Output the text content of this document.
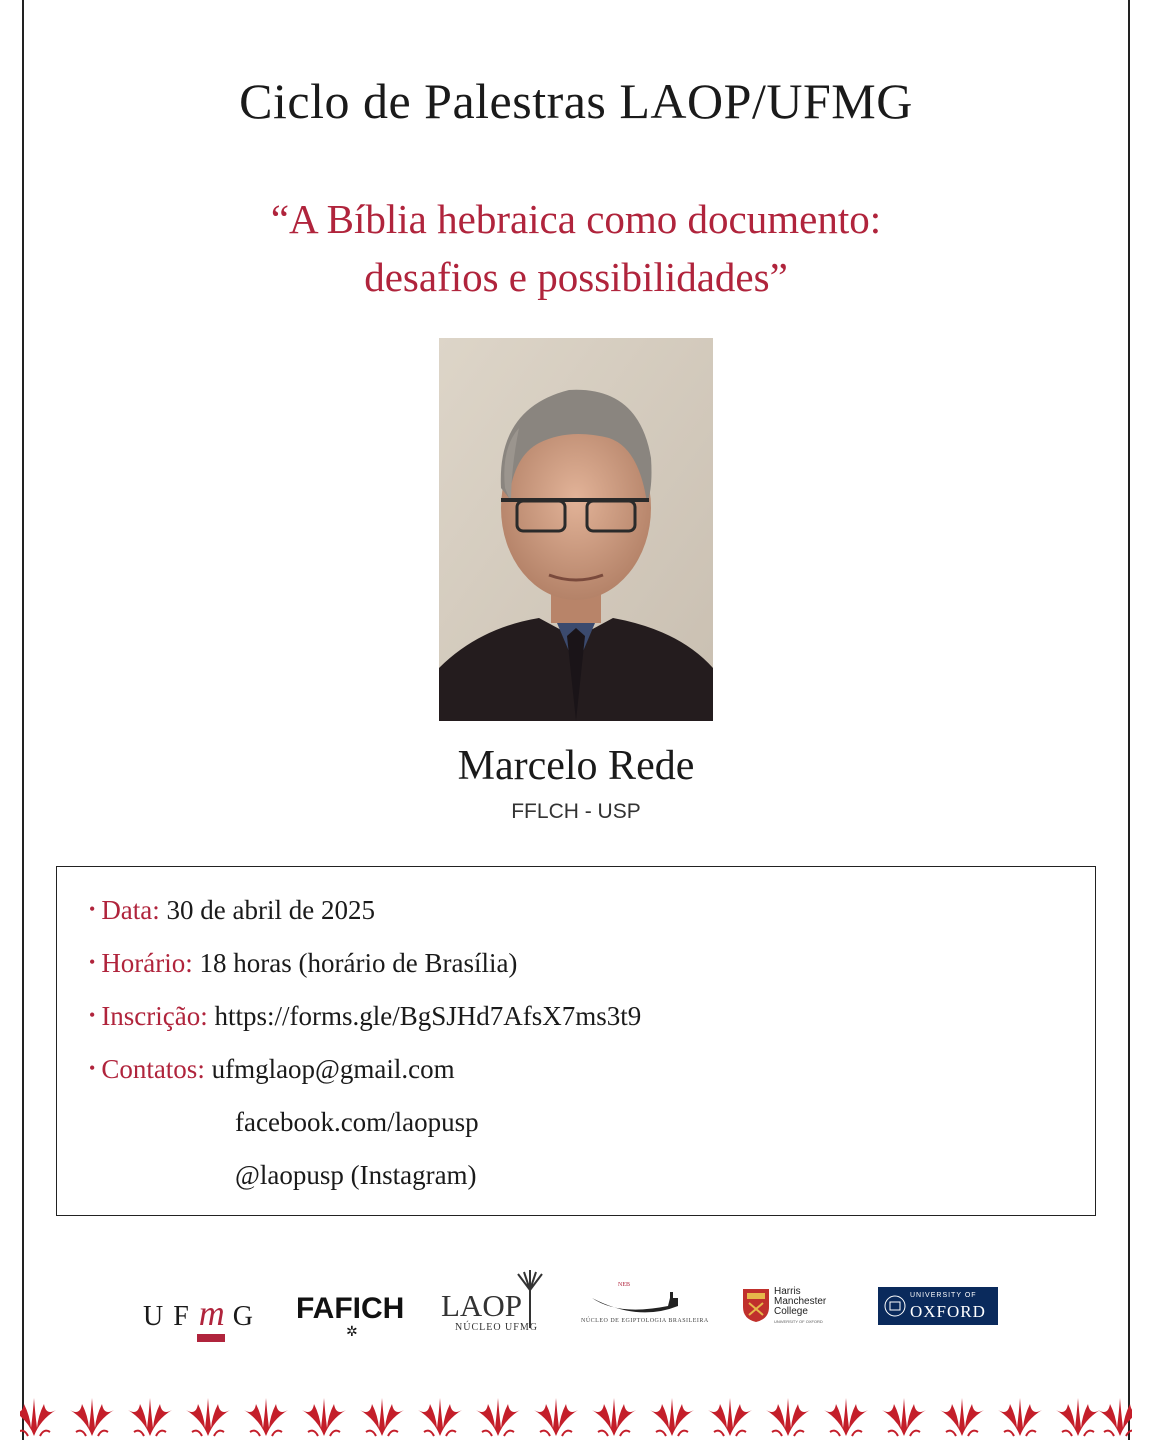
Ciclo de Palestras LAOP/UFMG
“A Bíblia hebraica como documento:
desafios e possibilidades”
Marcelo Rede
FFLCH - USP
• Data: 30 de abril de 2025
• Horário: 18 horas (horário de Brasília)
• Inscrição: https://forms.gle/BgSJHd7AfsX7ms3t9
• Contatos: ufmglaop@gmail.com
facebook.com/laopusp
@laopusp (Instagram)
UFm G FAFICH
✲
LAOP
NÚCLEO UFMG
NEB
NÚCLEO DE EGIPTOLOGIA BRASILEIRA
Harris
Manchester
College
UNIVERSITY OF OXFORD
UNIVERSITY OF
OXFORD
